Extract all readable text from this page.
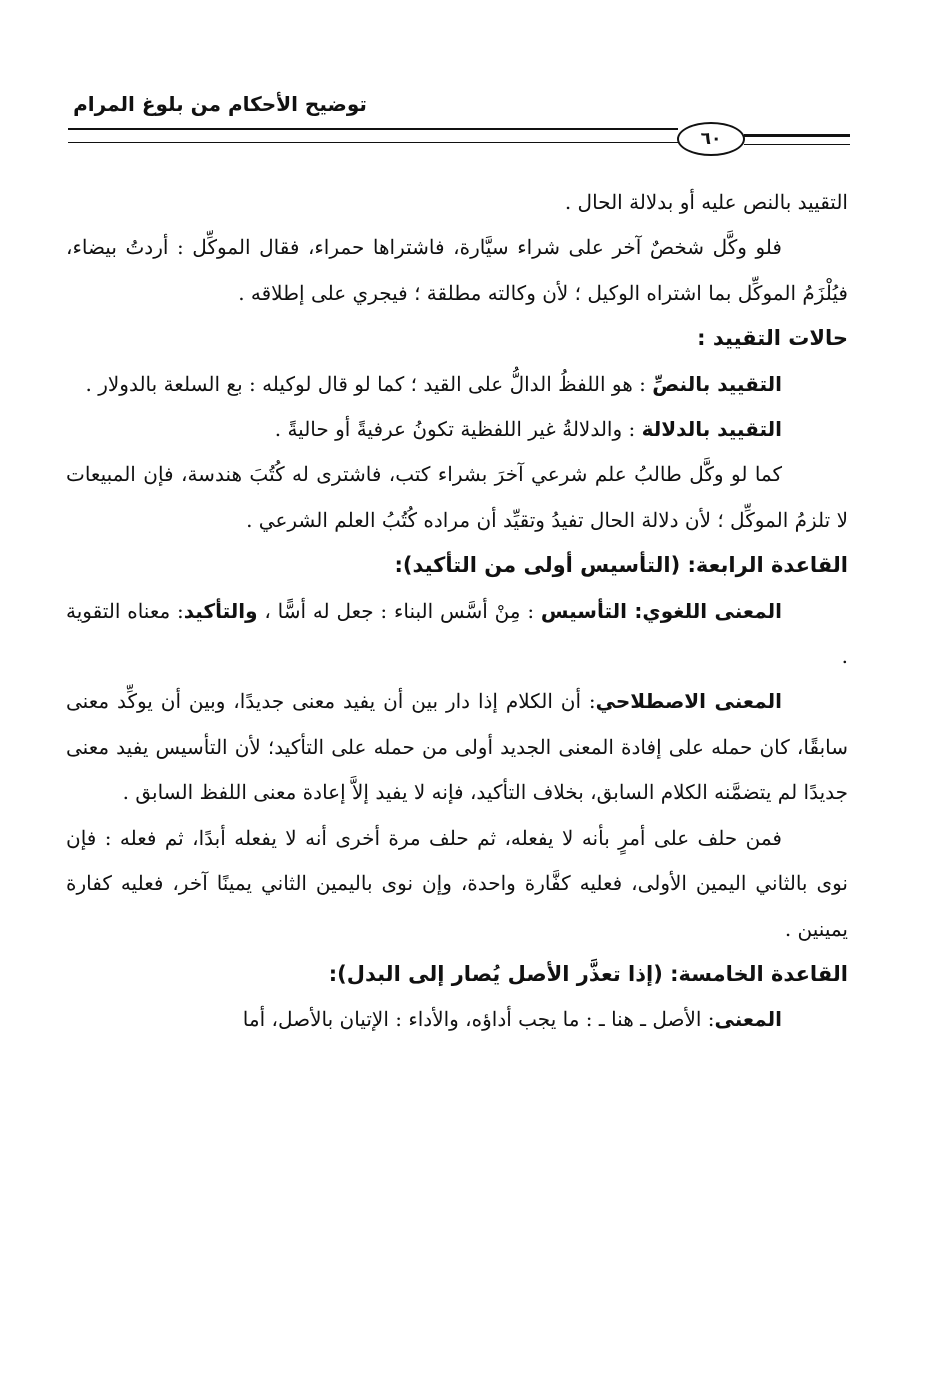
توضيح الأحكام من بلوغ المرام
٦٠

التقييد بالنص عليه أو بدلالة الحال .

فلو وكَّل شخصٌ آخر على شراء سيَّارة، فاشتراها حمراء، فقال الموكِّل : أردتُ بيضاء، فيُلْزَمُ الموكِّل بما اشتراه الوكيل ؛ لأن وكالته مطلقة ؛ فيجري على إطلاقه .

حالات التقييد :

التقييد بالنصِّ : هو اللفظُ الدالُّ على القيد ؛ كما لو قال لوكيله : بع السلعة بالدولار .

التقييد بالدلالة : والدلالةُ غير اللفظية تكونُ عرفيةً أو حاليةً .

كما لو وكَّل طالبُ علم شرعي آخرَ بشراء كتب، فاشترى له كُتُبَ هندسة، فإن المبيعات لا تلزمُ الموكِّل ؛ لأن دلالة الحال تفيدُ وتقيِّد أن مراده كُتُبُ العلم الشرعي .

القاعدة الرابعة: (التأسيس أولى من التأكيد):

المعنى اللغوي: التأسيس : مِنْ أسَّس البناء : جعل له أسًّا ، والتأكيد: معناه التقوية .

المعنى الاصطلاحي: أن الكلام إذا دار بين أن يفيد معنى جديدًا، وبين أن يوكِّد معنى سابقًا، كان حمله على إفادة المعنى الجديد أولى من حمله على التأكيد؛ لأن التأسيس يفيد معنى جديدًا لم يتضمَّنه الكلام السابق، بخلاف التأكيد، فإنه لا يفيد إلاَّ إعادة معنى اللفظ السابق .

فمن حلف على أمرٍ بأنه لا يفعله، ثم حلف مرة أخرى أنه لا يفعله أبدًا، ثم فعله : فإن نوى بالثاني اليمين الأولى، فعليه كفَّارة واحدة، وإن نوى باليمين الثاني يمينًا آخر، فعليه كفارة يمينين .

القاعدة الخامسة: (إذا تعذَّر الأصل يُصار إلى البدل):

المعنى: الأصل ـ هنا ـ : ما يجب أداؤه، والأداء : الإتيان بالأصل، أما
